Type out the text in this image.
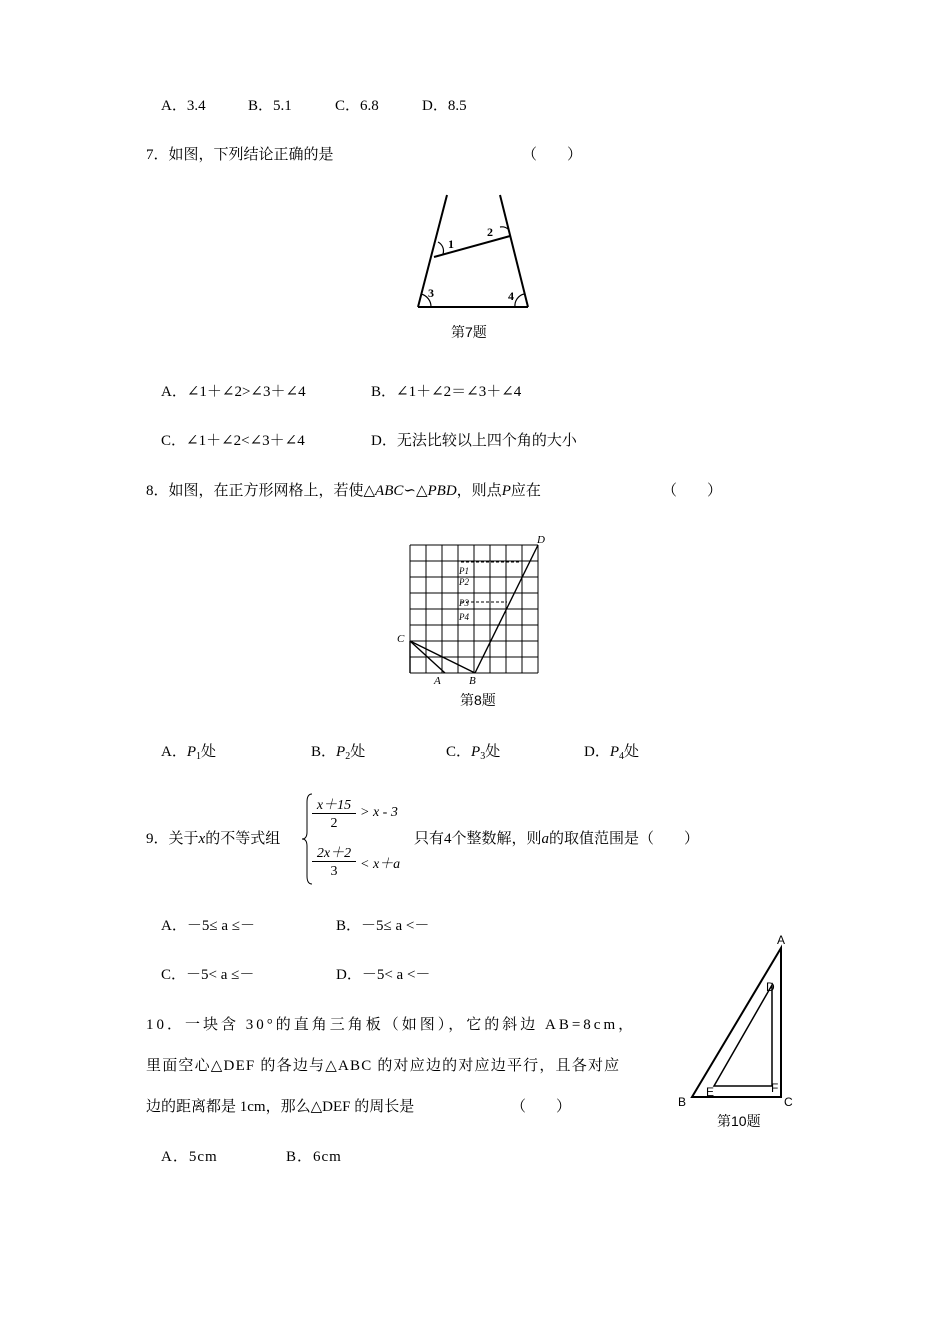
A．3.4	B．5.1	C．6.8	D．8.5
7．如图，下列结论正确的是	（　　）
1
2
3	4
第7题
A．∠1＋∠2>∠3＋∠4	B．∠1＋∠2＝∠3＋∠4
C．∠1＋∠2<∠3＋∠4	D．无法比较以上四个角的大小
8．如图，在正方形网格上，若使△ABC∽△PBD，则点P应在	（　　）
C
A	B
D
P1
P2
P3
P4
第8题
A．$P_1$处	B．$P_2$处	C．$P_3$处	D．$P_4$处
9．关于x的不等式组
x＋15
2
> x - 3
2x＋2
3	< x＋a
只有4个整数解，则a的取值范围是（　　）
A．－5≤ a ≤－	B．－5≤ a <－
C．－5< a ≤－	D．－5< a <－
10．一块含 30°的直角三角板（如图），它的斜边 AB=8cm，
里面空心△DEF 的各边与△ABC 的对应边的对应边平行，且各对应
边的距离都是 1cm，那么△DEF 的周长是	（　　）
A
B	C
D
E	F
第10题
A．5cm	B．6cm
